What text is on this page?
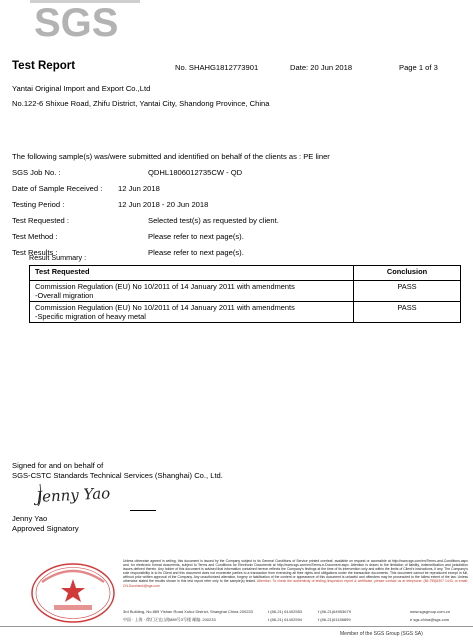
SGS
Test Report	No. SHAHG1812773901	Date: 20 Jun 2018	Page 1 of 3
Yantai Original Import and Export Co.,Ltd
No.122-6 Shixue Road, Zhifu District, Yantai City, Shandong Province, China
The following sample(s) was/were submitted and identified on behalf of the clients as : PE liner
SGS Job No. :	QDHL1806012735CW - QD
Date of Sample Received : 12 Jun 2018
Testing Period :	12 Jun 2018 - 20 Jun 2018
Test Requested :	Selected test(s) as requested by client.
Test Method :	Please refer to next page(s).
Test Results :	Please refer to next page(s).
Result Summary :
Test Requested	Conclusion

Commission Regulation (EU) No 10/2011 of 14 January 2011 with amendments
-Overall migration	PASS

Commission Regulation (EU) No 10/2011 of 14 January 2011 with amendments
-Specific migration of heavy metal	PASS
Signed for and on behalf of
SGS-CSTC Standards Technical Services (Shanghai) Co., Ltd.
Jenny Yao
Jenny Yao
Approved Signatory
Unless otherwise agreed in writing, this document is issued by the Company subject to its General Conditions of Service printed overleaf, available on request or accessible at http://www.sgs.com/en/Terms-and-Conditions.aspx and, for electronic format documents, subject to Terms and Conditions for Electronic Documents at http://www.sgs.com/en/Terms-e-Document.aspx. Attention is drawn to the limitation of liability, indemnification and jurisdiction issues defined therein. Any holder of this document is advised that information contained hereon reflects the Company's findings at the time of its intervention only and within the limits of Client's instructions, if any. The Company's sole responsibility is to its Client and this document does not exonerate parties to a transaction from exercising all their rights and obligations under the transaction documents. This document cannot be reproduced except in full, without prior written approval of the Company. Any unauthorized alteration, forgery or falsification of the content or appearance of this document is unlawful and offenders may be prosecuted to the fullest extent of the law. Unless otherwise stated the results shown in this test report refer only to the sample(s) tested. Attention: To check the authenticity of testing /inspection report & certificate, please contact us at telephone: (86-755)8307 1443, or email: CN.Doccheck@sgs.com
3rd Building, No.889 Yishan Road Xuhui District, Shanghai China 200233	t (86-21) 61402553	f (86-21)64953679	www.sgsgroup.com.cn
中国 · 上海 · 徐汇区宜山路889号3号楼 邮编: 200233	t (86-21) 61402594	f (86-21)61156899	e sgs.china@sgs.com
Member of the SGS Group (SGS SA)
